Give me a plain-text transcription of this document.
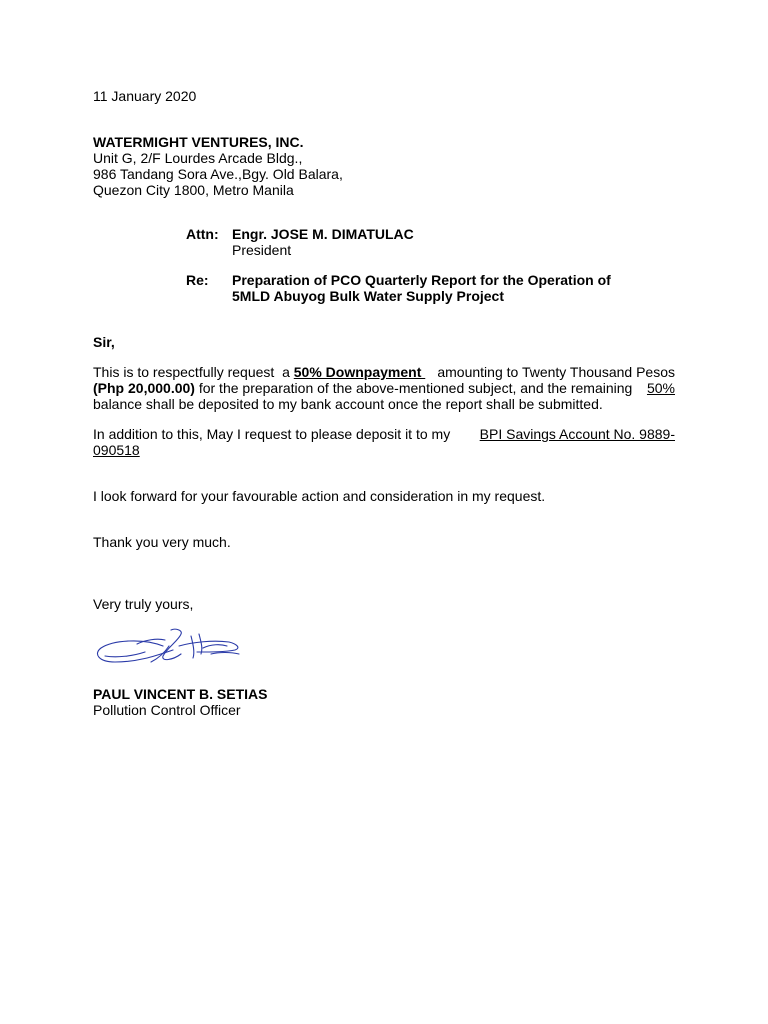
11 January 2020
WATERMIGHT VENTURES, INC.
Unit G, 2/F Lourdes Arcade Bldg.,
986 Tandang Sora Ave.,Bgy. Old Balara,
Quezon City 1800, Metro Manila
Attn: Engr. JOSE M. DIMATULAC
President
Re: Preparation of PCO Quarterly Report for the Operation of
5MLD Abuyog Bulk Water Supply Project
Sir,
This is to respectfully request  a 50% Downpayment amounting to Twenty Thousand Pesos
(Php 20,000.00) for the preparation of the above-mentioned subject, and the remaining 50%
balance shall be deposited to my bank account once the report shall be submitted.
In addition to this, May I request to please deposit it to my BPI Savings Account No. 9889-
090518
I look forward for your favourable action and consideration in my request.
Thank you very much.
Very truly yours,
PAUL VINCENT B. SETIAS
Pollution Control Officer
